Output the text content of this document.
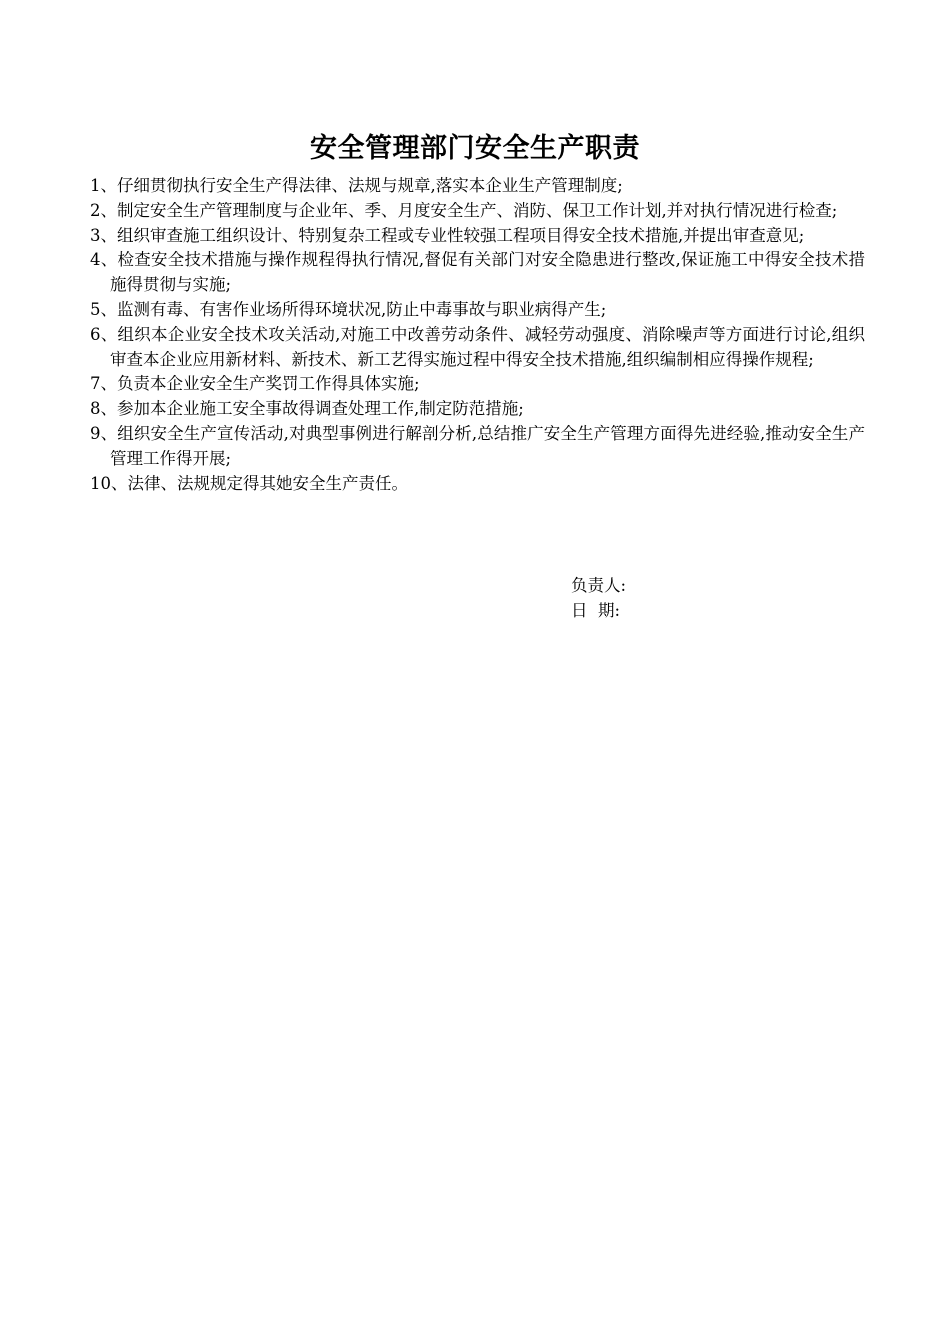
安全管理部门安全生产职责
1、仔细贯彻执行安全生产得法律、法规与规章,落实本企业生产管理制度;
2、制定安全生产管理制度与企业年、季、月度安全生产、消防、保卫工作计划,并对执行情况进行检查;
3、组织审查施工组织设计、特别复杂工程或专业性较强工程项目得安全技术措施,并提出审查意见;
4、检查安全技术措施与操作规程得执行情况,督促有关部门对安全隐患进行整改,保证施工中得安全技术措施得贯彻与实施;
5、监测有毒、有害作业场所得环境状况,防止中毒事故与职业病得产生;
6、组织本企业安全技术攻关活动,对施工中改善劳动条件、减轻劳动强度、消除噪声等方面进行讨论,组织审查本企业应用新材料、新技术、新工艺得实施过程中得安全技术措施,组织编制相应得操作规程;
7、负责本企业安全生产奖罚工作得具体实施;
8、参加本企业施工安全事故得调查处理工作,制定防范措施;
9、组织安全生产宣传活动,对典型事例进行解剖分析,总结推广安全生产管理方面得先进经验,推动安全生产管理工作得开展;
10、法律、法规规定得其她安全生产责任。
负责人:
日  期:
